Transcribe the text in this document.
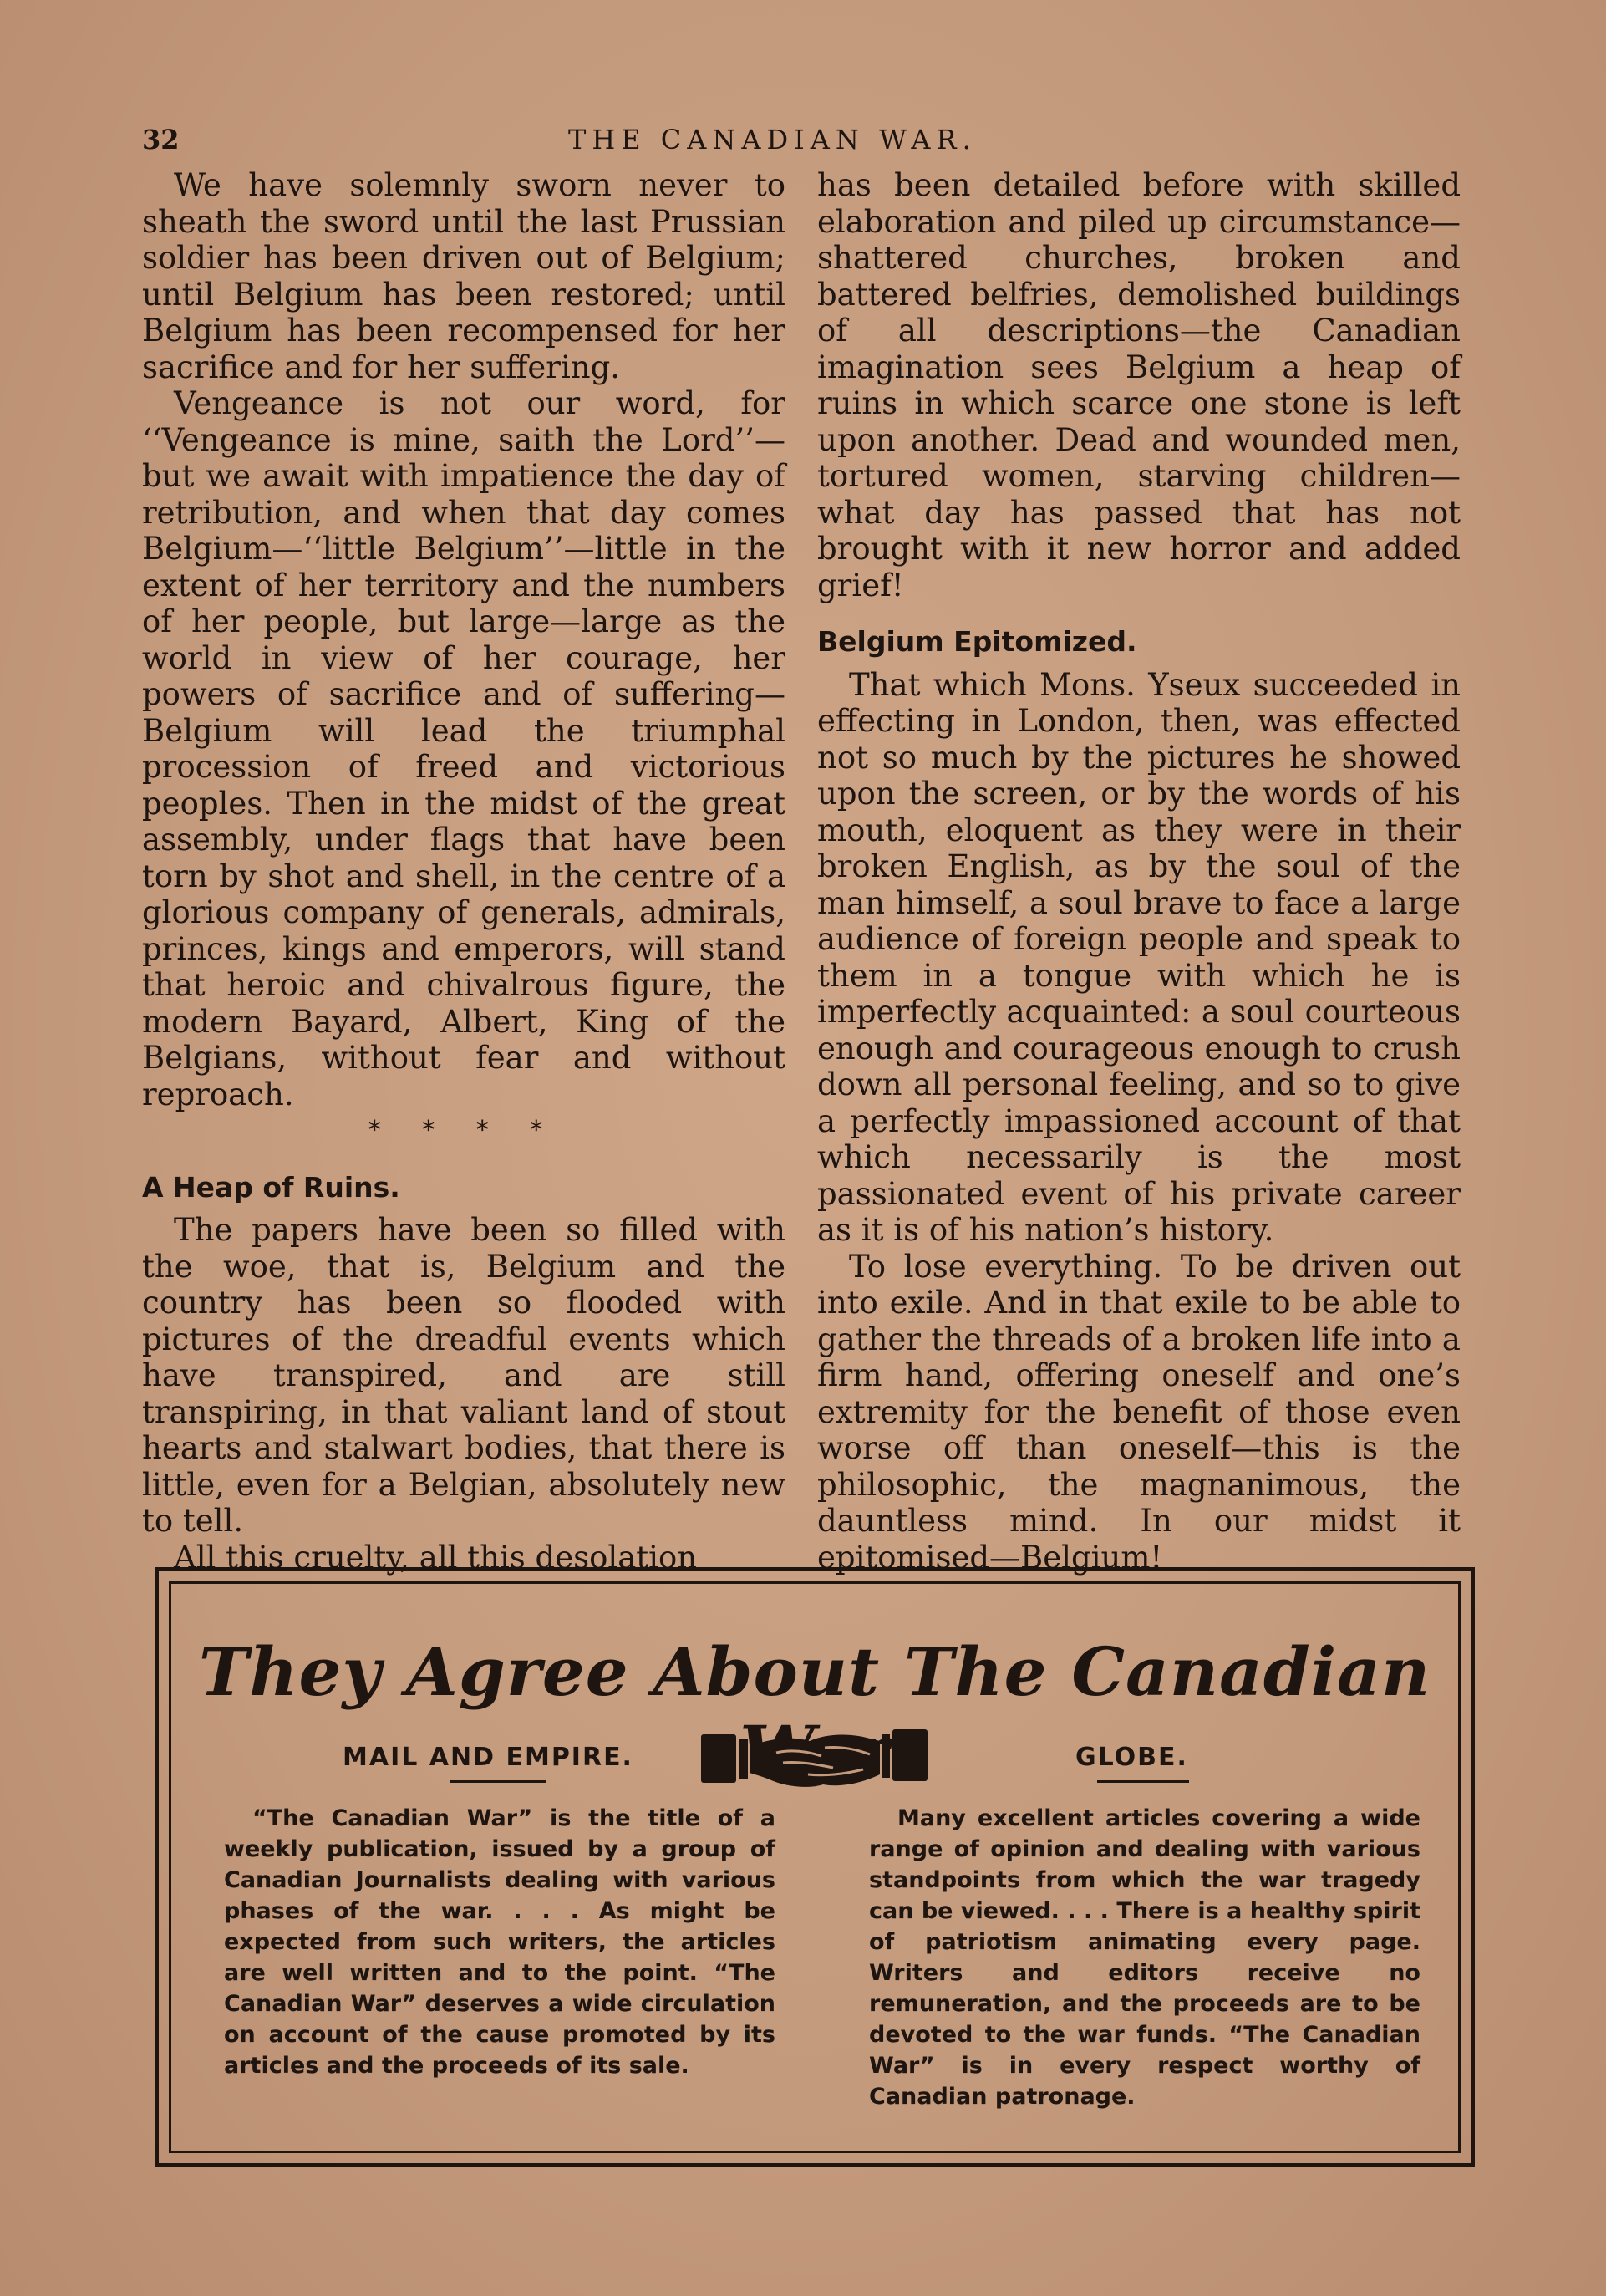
32	THE CANADIAN WAR.

We have solemnly sworn never to sheath the sword until the last Prussian soldier has been driven out of Belgium; until Belgium has been restored; until Belgium has been recompensed for her sacrifice and for her suffering.

Vengeance is not our word, for ‘‘Vengeance is mine, saith the Lord’’—but we await with impatience the day of retribution, and when that day comes Belgium—‘‘little Belgium’’—little in the extent of her territory and the numbers of her people, but large—large as the world in view of her courage, her powers of sacrifice and of suffering—Belgium will lead the triumphal procession of freed and victorious peoples. Then in the midst of the great assembly, under flags that have been torn by shot and shell, in the centre of a glorious company of generals, admirals, princes, kings and emperors, will stand that heroic and chivalrous figure, the modern Bayard, Albert, King of the Belgians, without fear and without reproach.

* * * *
A Heap of Ruins.

The papers have been so filled with the woe, that is, Belgium and the country has been so flooded with pictures of the dreadful events which have transpired, and are still transpiring, in that valiant land of stout hearts and stalwart bodies, that there is little, even for a Belgian, absolutely new to tell.

All this cruelty, all this desolation

has been detailed before with skilled elaboration and piled up circumstance—shattered churches, broken and battered belfries, demolished buildings of all descriptions—the Canadian imagination sees Belgium a heap of ruins in which scarce one stone is left upon another. Dead and wounded men, tortured women, starving children—what day has passed that has not brought with it new horror and added grief!

Belgium Epitomized.

That which Mons. Yseux succeeded in effecting in London, then, was effected not so much by the pictures he showed upon the screen, or by the words of his mouth, eloquent as they were in their broken English, as by the soul of the man himself, a soul brave to face a large audience of foreign people and speak to them in a tongue with which he is imperfectly acquainted: a soul courteous enough and courageous enough to crush down all personal feeling, and so to give a perfectly impassioned account of that which necessarily is the most passionated event of his private career as it is of his nation’s history.

To lose everything. To be driven out into exile. And in that exile to be able to gather the threads of a broken life into a firm hand, offering oneself and one’s extremity for the benefit of those even worse off than oneself—this is the philosophic, the magnanimous, the dauntless mind. In our midst it epitomised—Belgium!

They Agree About The Canadian
MAIL AND EMPIRE.	GLOBE.

“The Canadian War” is the title of a weekly publication, issued by a group of Canadian Journalists dealing with various phases of the war. . . . As might be expected from such writers, the articles are well written and to the point. “The Canadian War” deserves a wide circulation on account of the cause promoted by its articles and the proceeds of its sale.

Many excellent articles covering a wide range of opinion and dealing with various standpoints from which the war tragedy can be viewed. . . . There is a healthy spirit of patriotism animating every page. Writers and editors receive no remuneration, and the proceeds are to be devoted to the war funds. “The Canadian War” is in every respect worthy of Canadian patronage.
